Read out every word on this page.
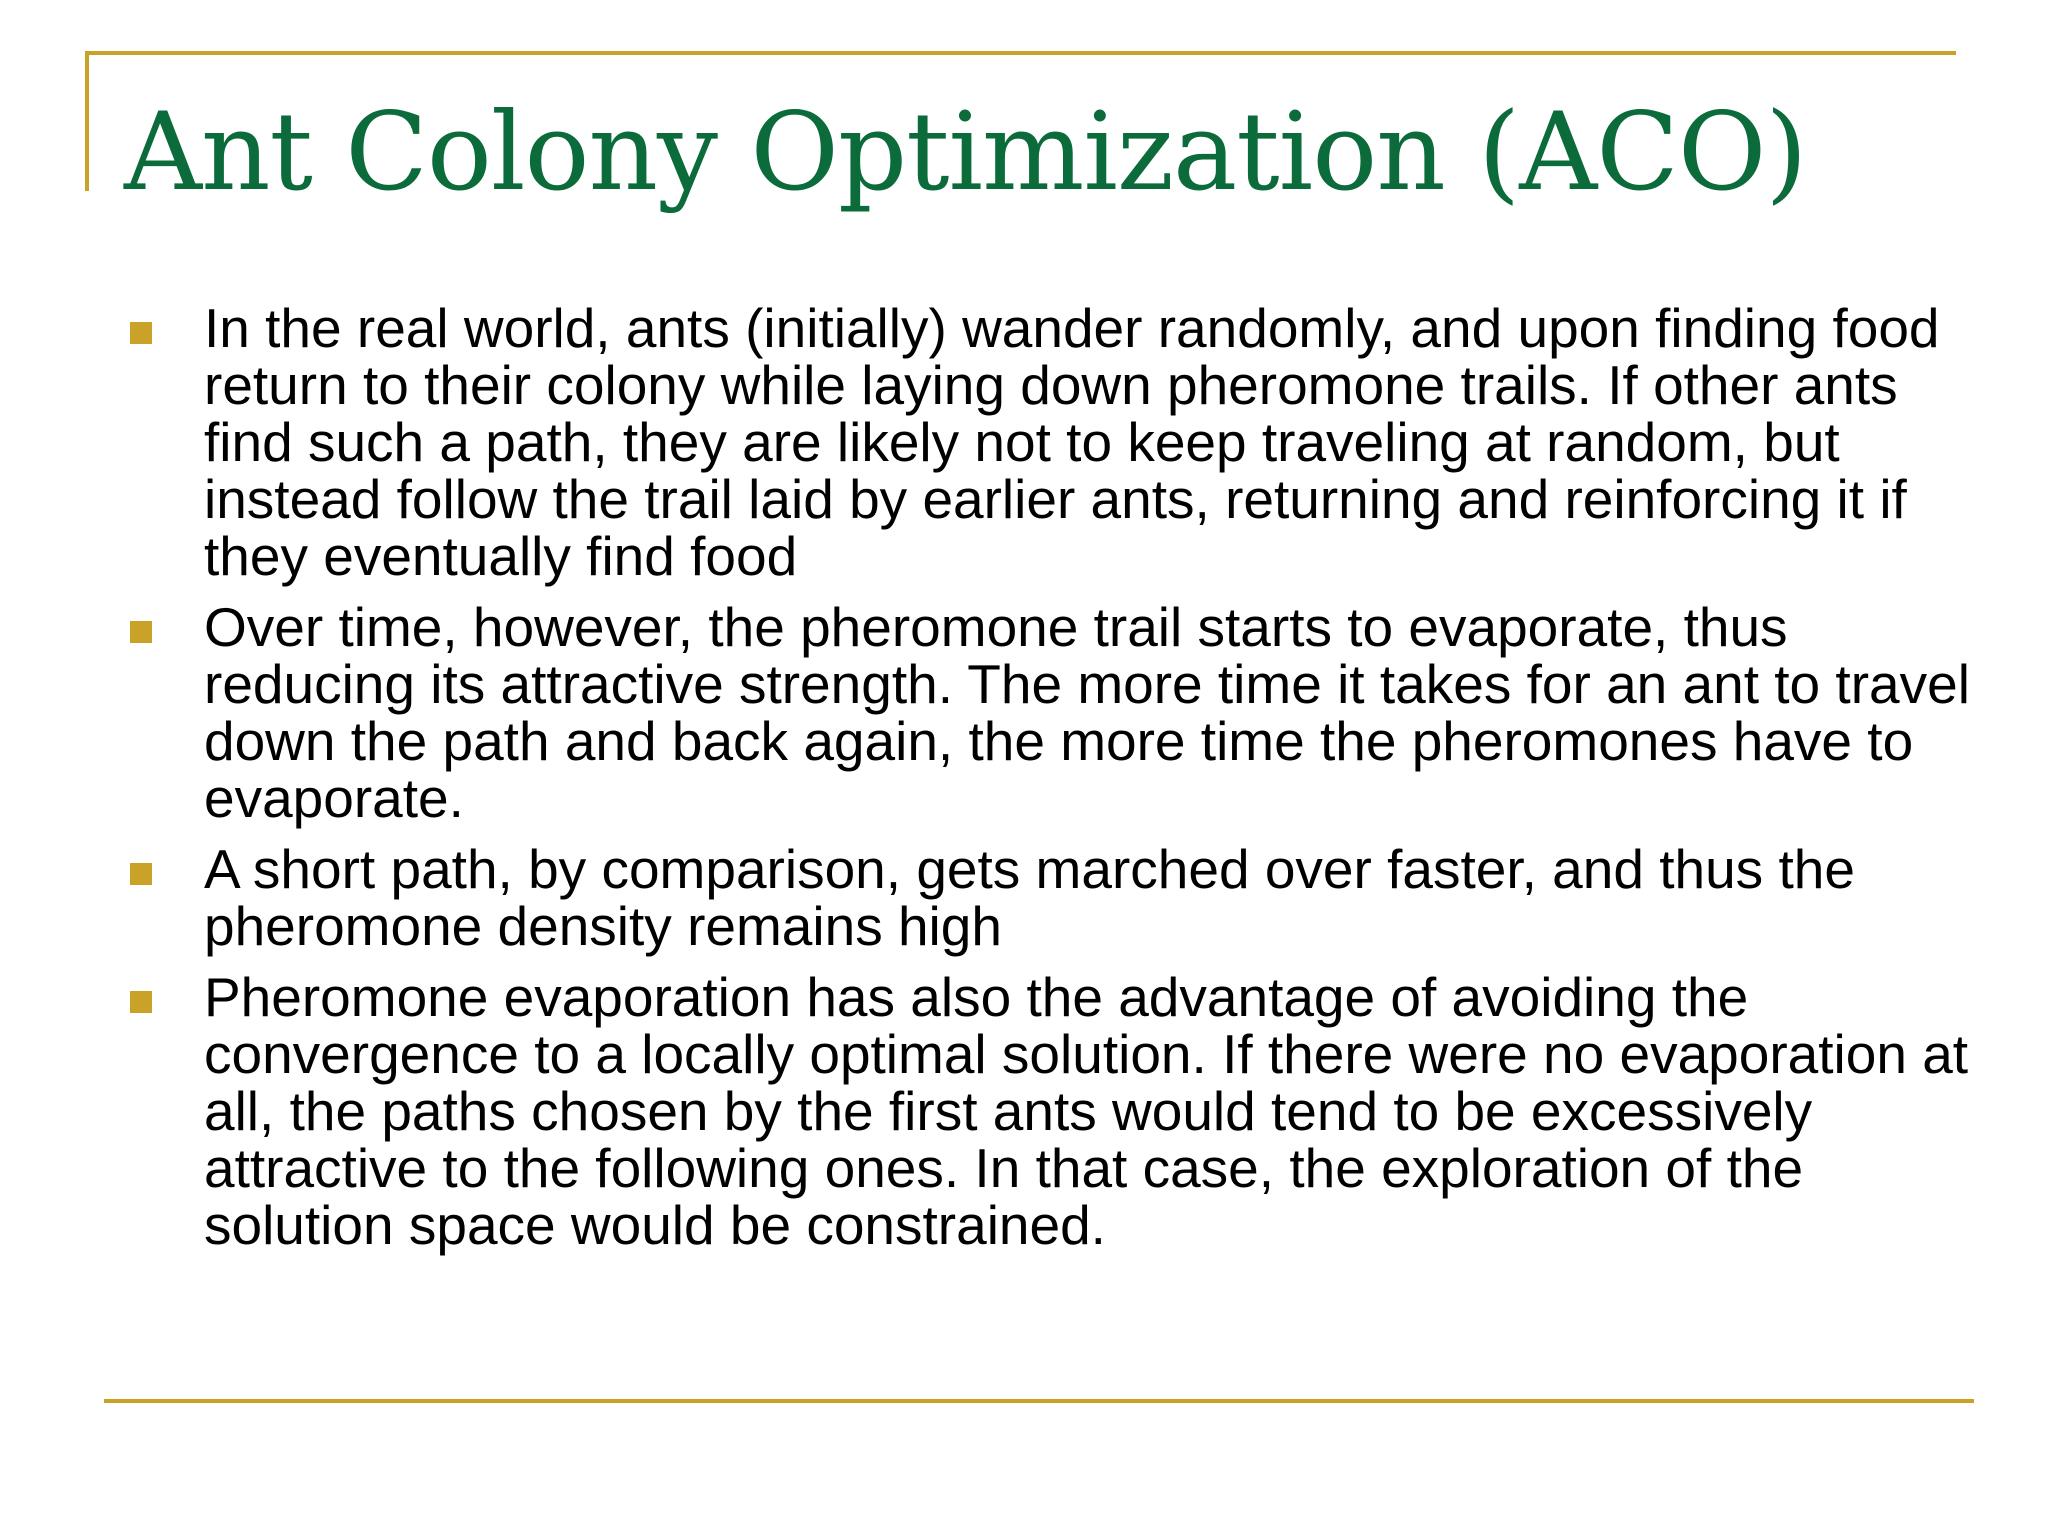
Ant Colony Optimization (ACO)
In the real world, ants (initially) wander randomly, and upon finding food return to their colony while laying down pheromone trails. If other ants find such a path, they are likely not to keep traveling at random, but instead follow the trail laid by earlier ants, returning and reinforcing it if they eventually find food
Over time, however, the pheromone trail starts to evaporate, thus reducing its attractive strength. The more time it takes for an ant to travel down the path and back again, the more time the pheromones have to evaporate.
A short path, by comparison, gets marched over faster, and thus the pheromone density remains high
Pheromone evaporation has also the advantage of avoiding the convergence to a locally optimal solution. If there were no evaporation at all, the paths chosen by the first ants would tend to be excessively attractive to the following ones. In that case, the exploration of the solution space would be constrained.
